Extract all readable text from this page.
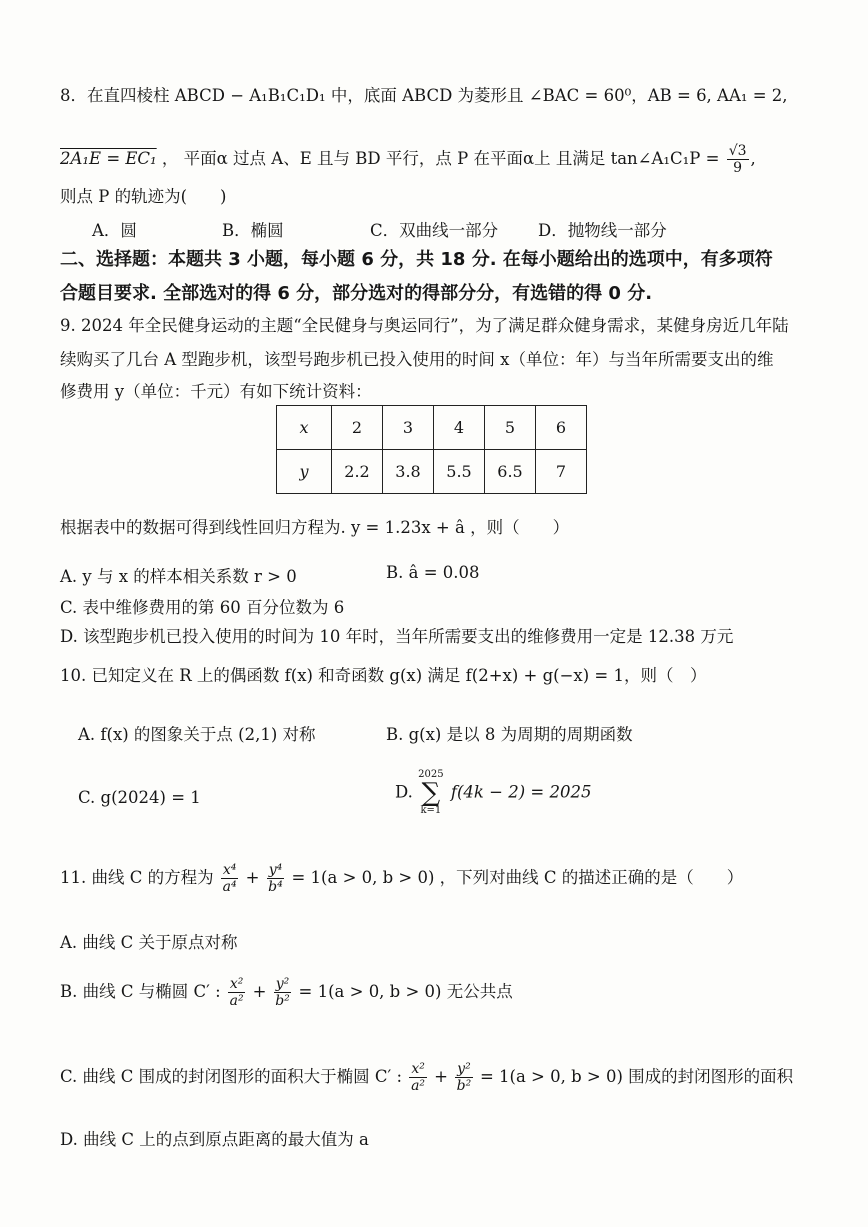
8．在直四棱柱 ABCD − A₁B₁C₁D₁ 中，底面 ABCD 为菱形且 ∠BAC = 60⁰，AB = 6, AA₁ = 2,
2A₁E = EC₁ ， 平面α 过点 A、E 且与 BD 平行，点 P 在平面α上 且满足 tan∠A₁C₁P = $\frac{√3}{9}$ ,
则点 P 的轨迹为(　　)
A．圆	B．椭圆	C．双曲线一部分 D．抛物线一部分
二、选择题：本题共 3 小题，每小题 6 分，共 18 分. 在每小题给出的选项中，有多项符
合题目要求. 全部选对的得 6 分，部分选对的得部分分，有选错的得 0 分.
9. 2024 年全民健身运动的主题“全民健身与奥运同行”，为了满足群众健身需求，某健身房近几年陆
续购买了几台 A 型跑步机，该型号跑步机已投入使用的时间 x（单位：年）与当年所需要支出的维
修费用 y（单位：千元）有如下统计资料：
x	2	3	4	5	6
y	2.2	3.8	5.5	6.5	7
根据表中的数据可得到线性回归方程为. y = 1.23x + â ，则（　　）
A. y 与 x 的样本相关系数 r > 0	B. â = 0.08
C. 表中维修费用的第 60 百分位数为 6
D. 该型跑步机已投入使用的时间为 10 年时，当年所需要支出的维修费用一定是 12.38 万元
10. 已知定义在 R 上的偶函数 f(x) 和奇函数 g(x) 满足 f(2+x) + g(−x) = 1，则（　）
A. f(x) 的图象关于点 (2,1) 对称	B. g(x) 是以 8 为周期的周期函数
C. g(2024) = 1	D.
2025
∑
k=1
f(4k − 2) = 2025
11. 曲线 C 的方程为 $\frac{\text{x⁴}}{\text{a⁴}} + \frac{\text{y⁴}}{\text{b⁴}} = 1(a > 0$, b > 0) ，下列对曲线 C 的描述正确的是（　　）
A. 曲线 C 关于原点对称
B. 曲线 C 与椭圆 C′ : $\frac{\text{x²}}{\text{a²}} + \frac{\text{y²}}{\text{b²}} = 1(a > 0$, b > 0) 无公共点
C. 曲线 C 围成的封闭图形的面积大于椭圆 C′ : $\frac{\text{x²}}{\text{a²}} + \frac{\text{y²}}{\text{b²}} = 1(a > 0$, b > 0) 围成的封闭图形的面积
D. 曲线 C 上的点到原点距离的最大值为 a
